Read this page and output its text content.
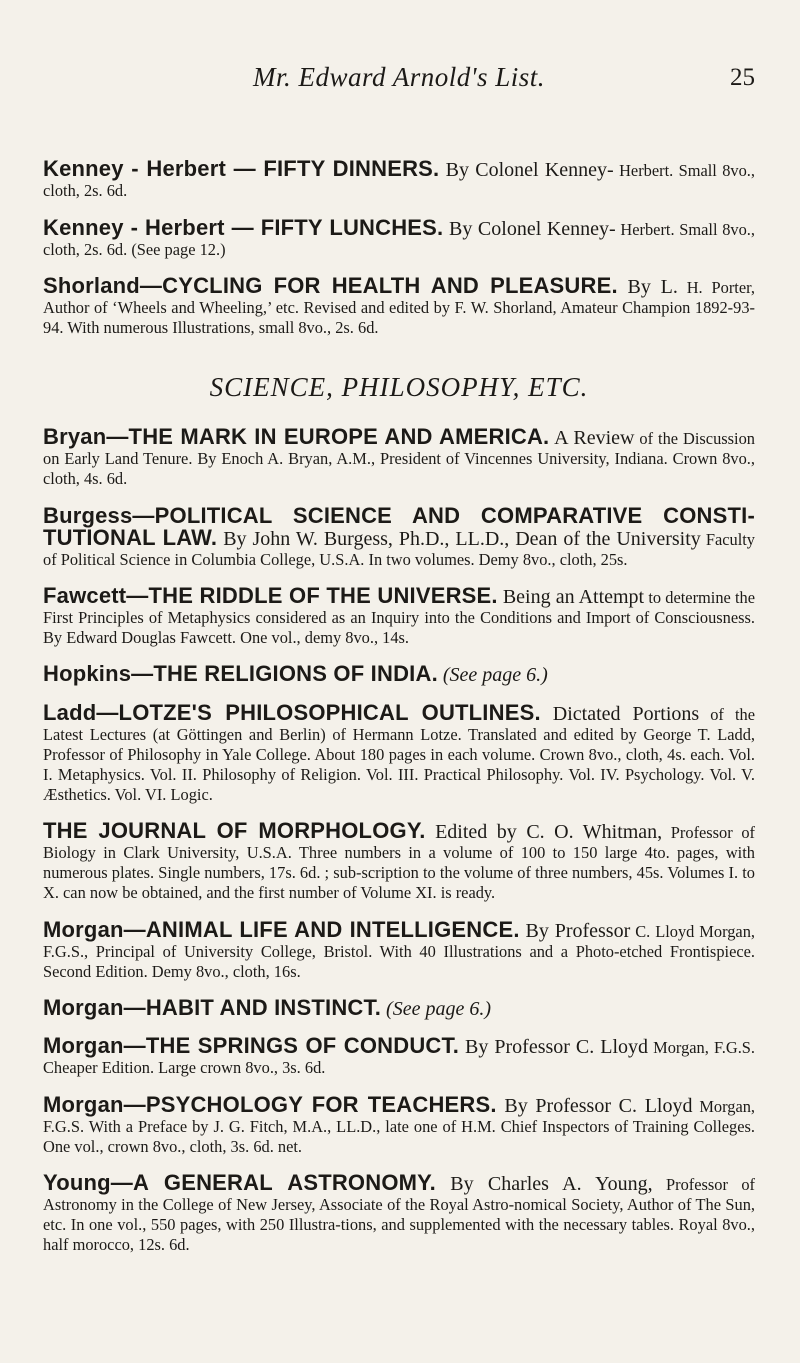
Mr. Edward Arnold's List.	25

Kenney - Herbert — FIFTY DINNERS. By Colonel Kenney- Herbert. Small 8vo., cloth, 2s. 6d.

Kenney - Herbert — FIFTY LUNCHES. By Colonel Kenney- Herbert. Small 8vo., cloth, 2s. 6d. (See page 12.)

Shorland—CYCLING FOR HEALTH AND PLEASURE. By L. H. Porter, Author of ‘Wheels and Wheeling,’ etc. Revised and edited by F. W. Shorland, Amateur Champion 1892-93-94. With numerous Illustrations, small 8vo., 2s. 6d.

SCIENCE, PHILOSOPHY, ETC.

Bryan—THE MARK IN EUROPE AND AMERICA. A Review of the Discussion on Early Land Tenure. By Enoch A. Bryan, A.M., President of Vincennes University, Indiana. Crown 8vo., cloth, 4s. 6d.

Burgess—POLITICAL SCIENCE AND COMPARATIVE CONSTI-TUTIONAL LAW. By John W. Burgess, Ph.D., LL.D., Dean of the University Faculty of Political Science in Columbia College, U.S.A. In two volumes. Demy 8vo., cloth, 25s.

Fawcett—THE RIDDLE OF THE UNIVERSE. Being an Attempt to determine the First Principles of Metaphysics considered as an Inquiry into the Conditions and Import of Consciousness. By Edward Douglas Fawcett. One vol., demy 8vo., 14s.

Hopkins—THE RELIGIONS OF INDIA. (See page 6.)

Ladd—LOTZE'S PHILOSOPHICAL OUTLINES. Dictated Portions of the Latest Lectures (at Göttingen and Berlin) of Hermann Lotze. Translated and edited by George T. Ladd, Professor of Philosophy in Yale College. About 180 pages in each volume. Crown 8vo., cloth, 4s. each. Vol. I. Metaphysics. Vol. II. Philosophy of Religion. Vol. III. Practical Philosophy. Vol. IV. Psychology. Vol. V. Æsthetics. Vol. VI. Logic.

THE JOURNAL OF MORPHOLOGY. Edited by C. O. Whitman, Professor of Biology in Clark University, U.S.A. Three numbers in a volume of 100 to 150 large 4to. pages, with numerous plates. Single numbers, 17s. 6d. ; sub-scription to the volume of three numbers, 45s. Volumes I. to X. can now be obtained, and the first number of Volume XI. is ready.

Morgan—ANIMAL LIFE AND INTELLIGENCE. By Professor C. Lloyd Morgan, F.G.S., Principal of University College, Bristol. With 40 Illustrations and a Photo-etched Frontispiece. Second Edition. Demy 8vo., cloth, 16s.

Morgan—HABIT AND INSTINCT. (See page 6.)

Morgan—THE SPRINGS OF CONDUCT. By Professor C. Lloyd Morgan, F.G.S. Cheaper Edition. Large crown 8vo., 3s. 6d.

Morgan—PSYCHOLOGY FOR TEACHERS. By Professor C. Lloyd Morgan, F.G.S. With a Preface by J. G. Fitch, M.A., LL.D., late one of H.M. Chief Inspectors of Training Colleges. One vol., crown 8vo., cloth, 3s. 6d. net.

Young—A GENERAL ASTRONOMY. By Charles A. Young, Professor of Astronomy in the College of New Jersey, Associate of the Royal Astro-nomical Society, Author of The Sun, etc. In one vol., 550 pages, with 250 Illustra-tions, and supplemented with the necessary tables. Royal 8vo., half morocco, 12s. 6d.
